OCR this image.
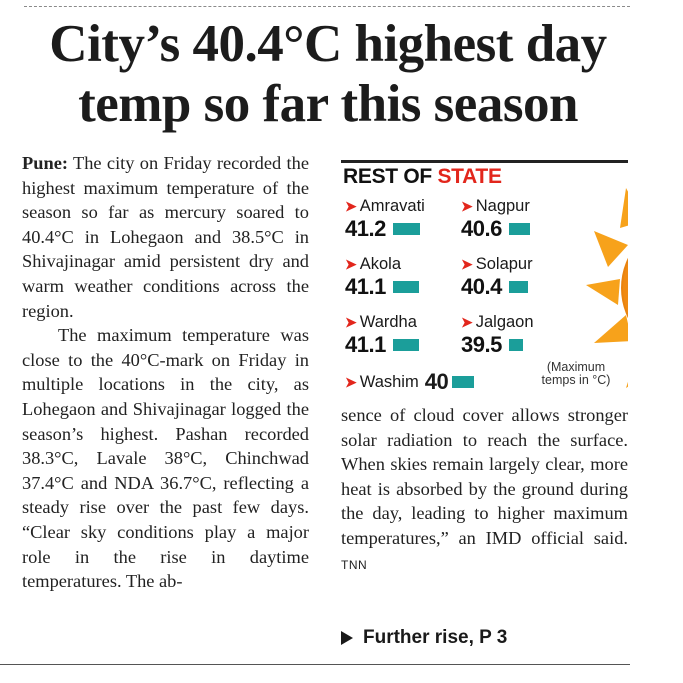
City’s 40.4°C highest day
temp so far this season

Pune: The city on Friday recorded the highest maximum temperature of the season so far as mercury soared to 40.4°C in Lohegaon and 38.5°C in Shivajinagar amid persistent dry and warm weather conditions across the region.

The maximum temperature was close to the 40°C-mark on Friday in multiple locations in the city, as Lohegaon and Shivajinagar logged the season’s highest. Pashan recorded 38.3°C, Lavale 38°C, Chinchwad 37.4°C and NDA 36.7°C, reflecting a steady rise over the past few days. “Clear sky conditions play a major role in the rise in daytime temperatures. The ab-

REST OF STATE
➤ Amravati
41.2
➤ Nagpur
40.6
➤ Akola
41.1
➤ Solapur
40.4
➤ Wardha
41.1
➤ Jalgaon
39.5
➤ Washim 40
(Maximum temps in °C)
sence of cloud cover allows stronger solar radiation to reach the surface. When skies remain largely clear, more heat is absorbed by the ground during the day, leading to higher maximum temperatures,” an IMD official said. TNN
Further rise, P 3
